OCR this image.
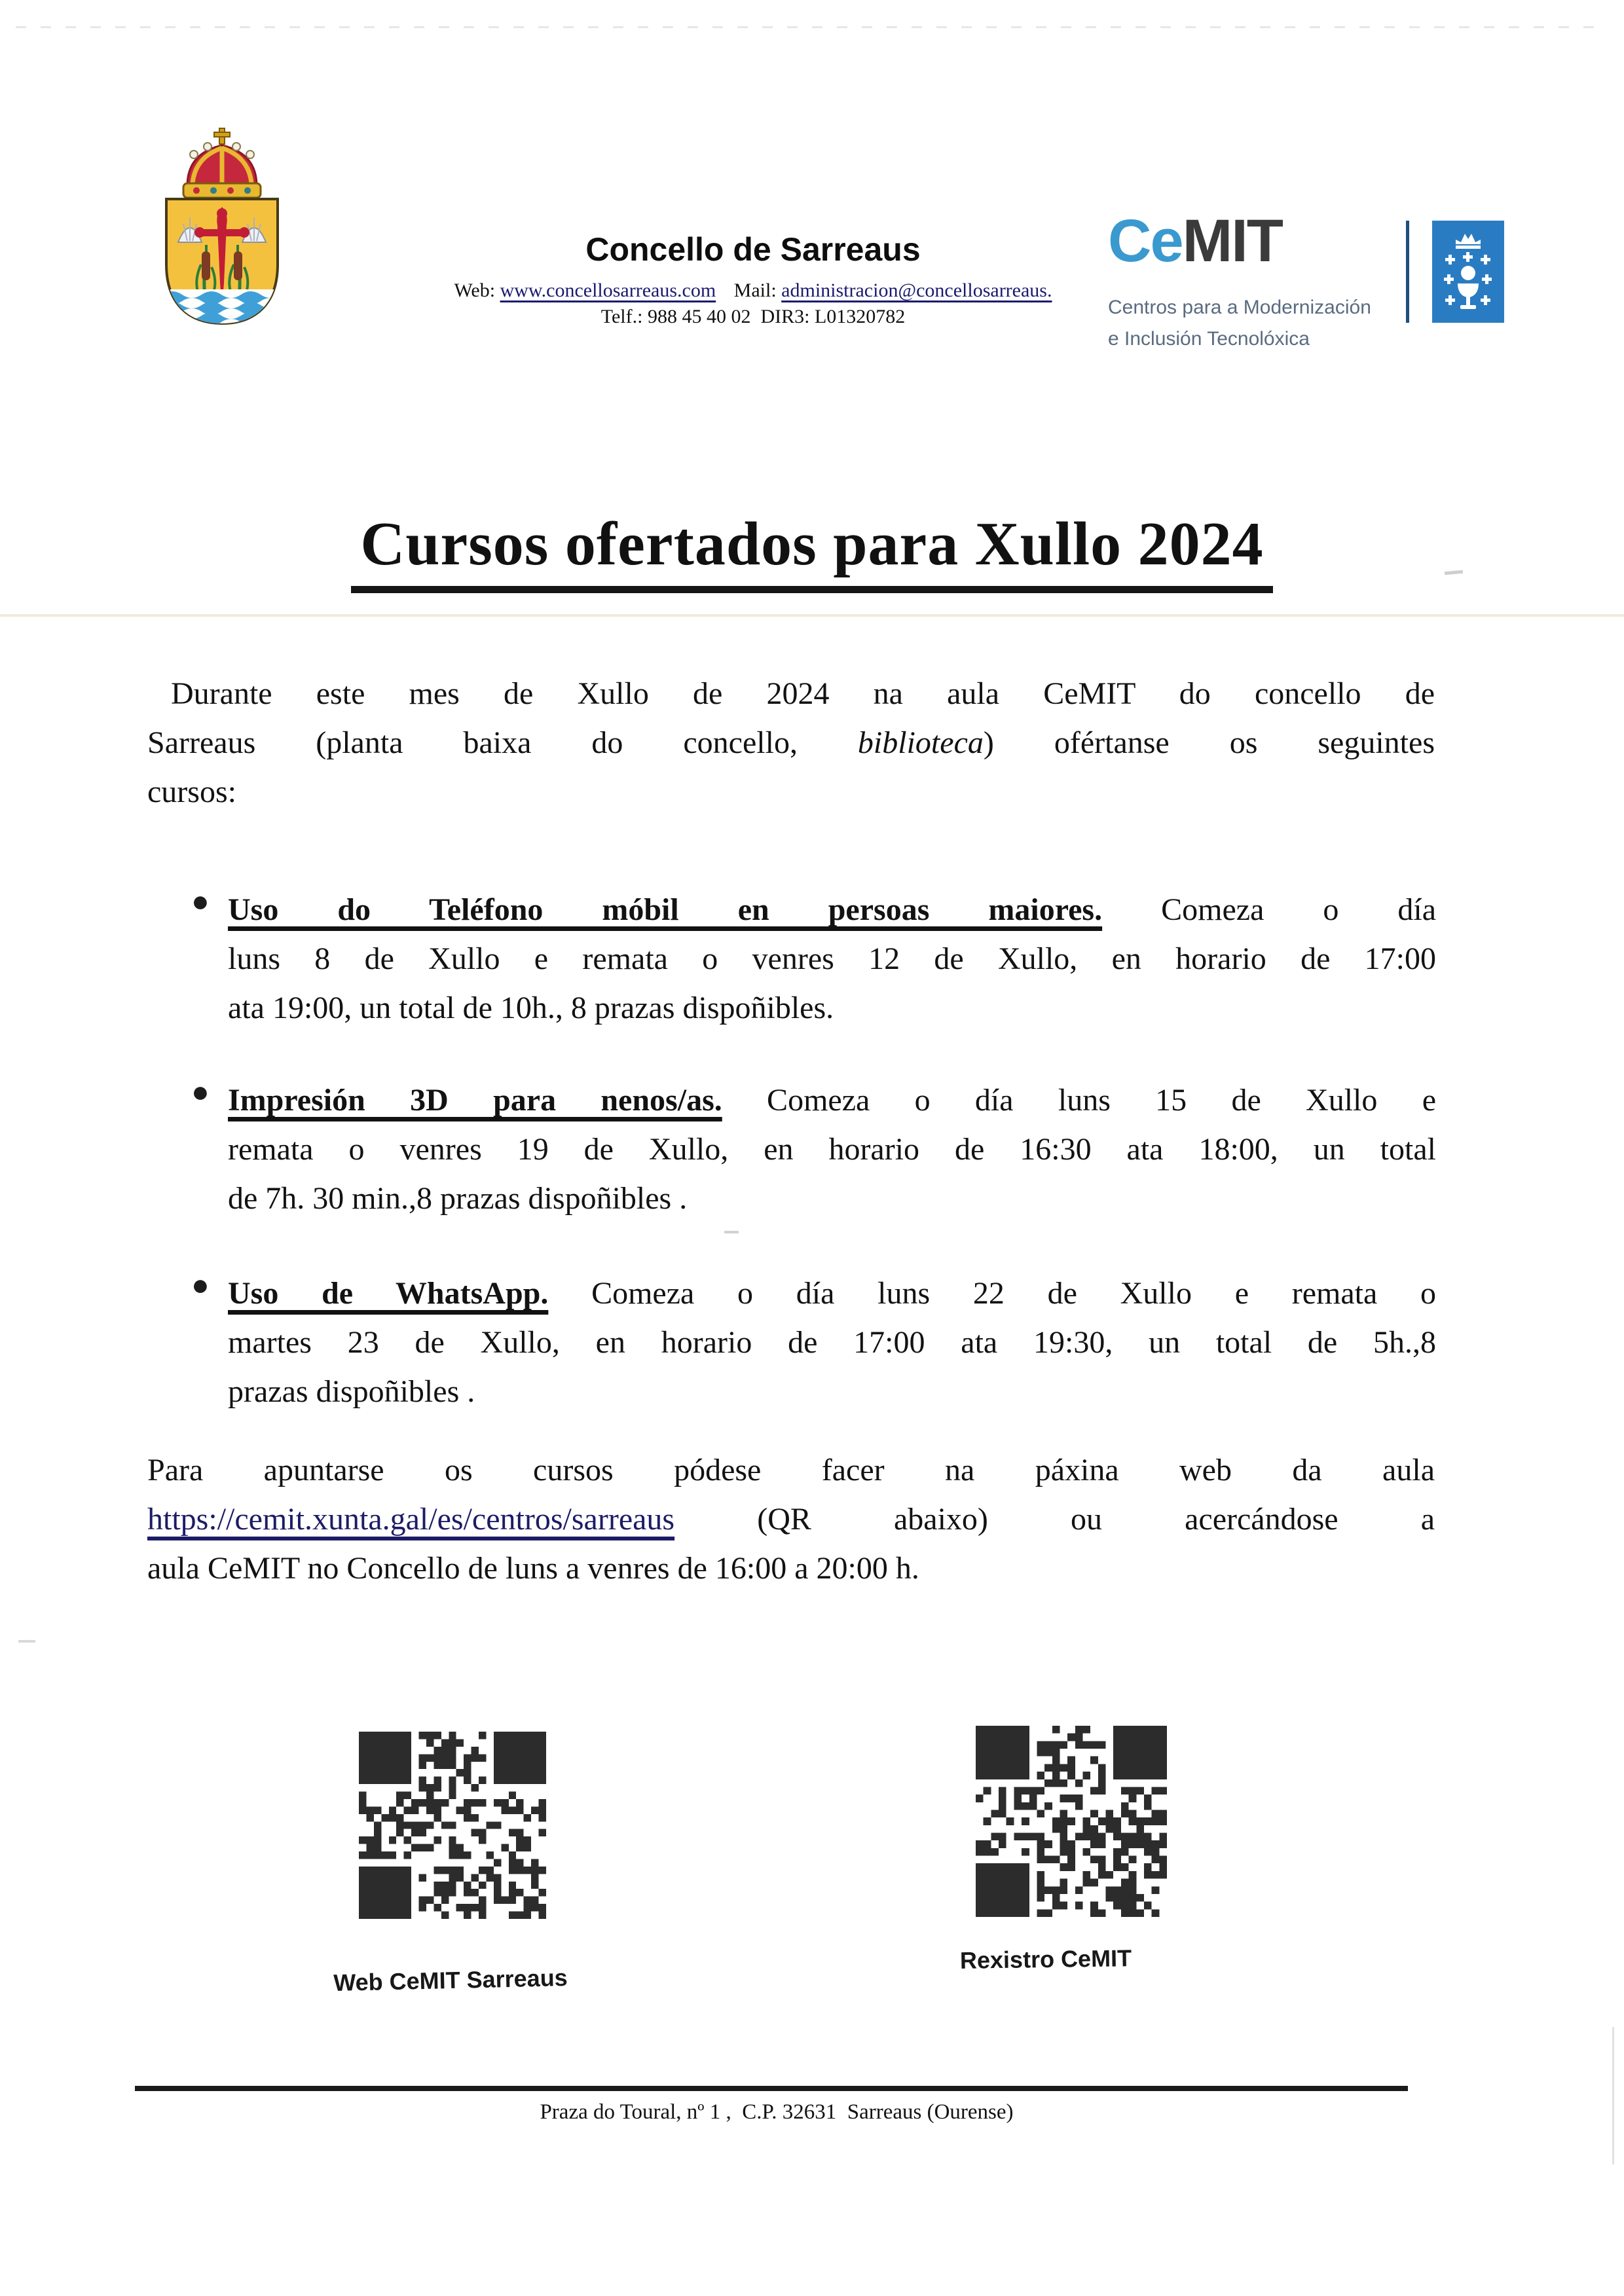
Concello de Sarreaus
Web: www.concellosarreaus.com Mail: administracion@concellosarreaus.
Telf.: 988 45 40 02  DIR3: L01320782
CeMIT
Centros para a Modernización
e Inclusión Tecnolóxica
Cursos ofertados para Xullo 2024
Durante este mes de Xullo de 2024 na aula CeMIT do concello de
Sarreaus (planta baixa do concello, biblioteca) ofértanse os seguintes
cursos:
● Uso do Teléfono móbil en persoas maiores. Comeza o día
luns 8 de Xullo e remata o venres 12 de Xullo, en horario de 17:00
ata 19:00, un total de 10h., 8 prazas dispoñibles.
● Impresión 3D para nenos/as. Comeza o día luns 15 de Xullo e
remata o venres 19 de Xullo, en horario de 16:30 ata 18:00, un total
de 7h. 30 min.,8 prazas dispoñibles .
● Uso de WhatsApp. Comeza o día luns 22 de Xullo e remata o
martes 23 de Xullo, en horario de 17:00 ata 19:30, un total de 5h.,8
prazas dispoñibles .
Para apuntarse os cursos pódese facer na páxina web da aula
https://cemit.xunta.gal/es/centros/sarreaus (QR abaixo) ou acercándose a
aula CeMIT no Concello de luns a venres de 16:00 a 20:00 h.
Web CeMIT Sarreaus
Rexistro CeMIT
Praza do Toural, nº 1 ,  C.P. 32631  Sarreaus (Ourense)
